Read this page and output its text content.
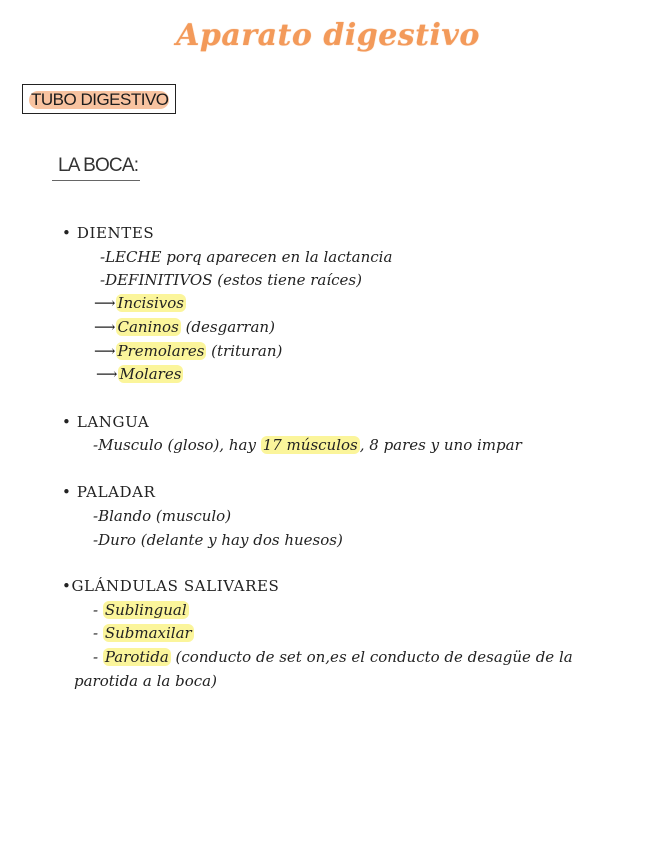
Aparato digestivo
TUBO DIGESTIVO
LA BOCA:
• DIENTES
-LECHE porq aparecen en la lactancia
-DEFINITIVOS (estos tiene raíces)
⟶ Incisivos
⟶ Caninos (desgarran)
⟶ Premolares (trituran)
⟶ Molares
• LANGUA
-Musculo (gloso), hay 17 músculos , 8 pares y uno impar
• PALADAR
-Blando (musculo)
-Duro (delante y hay dos huesos)
•GLÁNDULAS SALIVARES
- Sublingual
- Submaxilar
- Parotida (conducto de set on,es el conducto de desagüe de la
parotida a la boca)
